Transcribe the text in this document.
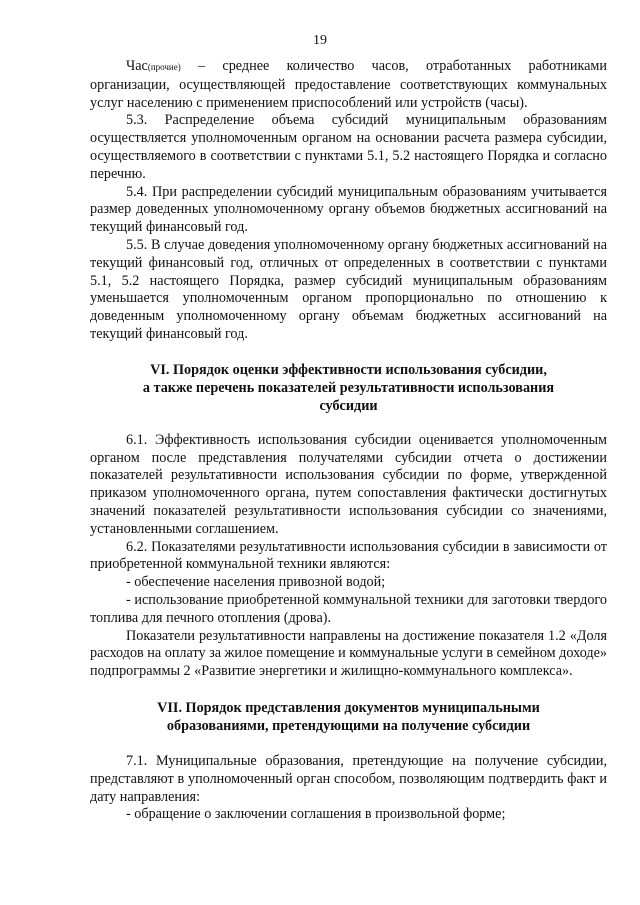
19

Час(прочие) – среднее количество часов, отработанных работниками организации, осуществляющей предоставление соответствующих коммунальных услуг населению с применением приспособлений или устройств (часы).

5.3. Распределение объема субсидий муниципальным образованиям осуществляется уполномоченным органом на основании расчета размера субсидии, осуществляемого в соответствии с пунктами 5.1, 5.2 настоящего Порядка и согласно перечню.

5.4. При распределении субсидий муниципальным образованиям учитывается размер доведенных уполномоченному органу объемов бюджетных ассигнований на текущий финансовый год.

5.5. В случае доведения уполномоченному органу бюджетных ассигнований на текущий финансовый год, отличных от определенных в соответствии с пунктами 5.1, 5.2 настоящего Порядка, размер субсидий муниципальным образованиям уменьшается уполномоченным органом пропорционально по отношению к доведенным уполномоченному органу объемам бюджетных ассигнований на текущий финансовый год.

VI. Порядок оценки эффективности использования субсидии,
а также перечень показателей результативности использования
субсидии

6.1. Эффективность использования субсидии оценивается уполномоченным органом после представления получателями субсидии отчета о достижении показателей результативности использования субсидии по форме, утвержденной приказом уполномоченного органа, путем сопоставления фактически достигнутых значений показателей результативности использования субсидии со значениями, установленными соглашением.

6.2. Показателями результативности использования субсидии в зависимости от приобретенной коммунальной техники являются:

- обеспечение населения привозной водой;

- использование приобретенной коммунальной техники для заготовки твердого топлива для печного отопления (дрова).

Показатели результативности направлены на достижение показателя 1.2 «Доля расходов на оплату за жилое помещение и коммунальные услуги в семейном доходе» подпрограммы 2 «Развитие энергетики и жилищно-коммунального комплекса».

VII. Порядок представления документов муниципальными
образованиями, претендующими на получение субсидии

7.1. Муниципальные образования, претендующие на получение субсидии, представляют в уполномоченный орган способом, позволяющим подтвердить факт и дату направления:

- обращение о заключении соглашения в произвольной форме;
